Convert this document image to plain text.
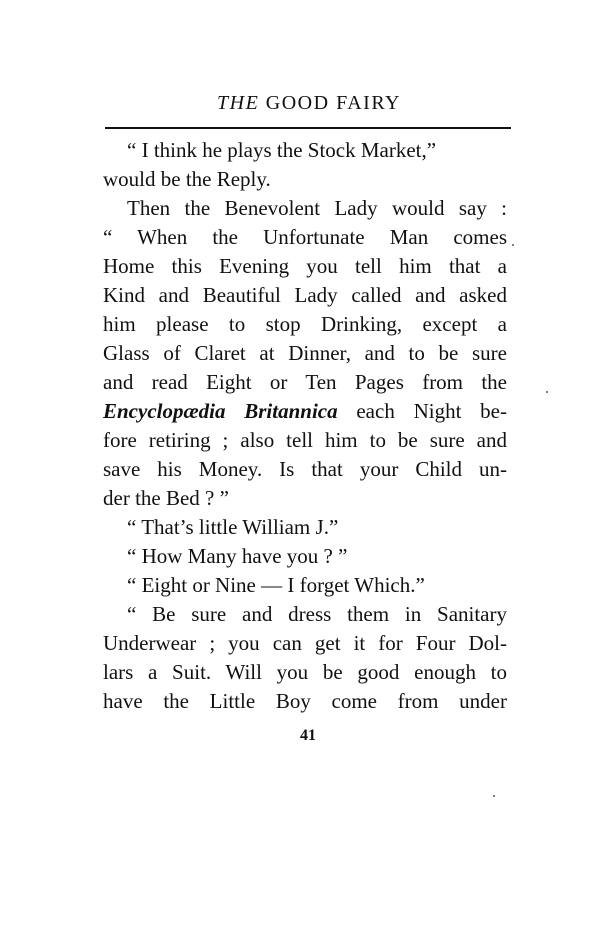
THE GOOD FAIRY
“ I think he plays the Stock Market,”
would be the Reply.
Then the Benevolent Lady would say :
“ When the Unfortunate Man comes
Home this Evening you tell him that a
Kind and Beautiful Lady called and asked
him please to stop Drinking, except a
Glass of Claret at Dinner, and to be sure
and read Eight or Ten Pages from the
Encyclopædia Britannica each Night be-
fore retiring ; also tell him to be sure and
save his Money. Is that your Child un-
der the Bed ? ”
“ That’s little William J.”
“ How Many have you ? ”
“ Eight or Nine — I forget Which.”
“ Be sure and dress them in Sanitary
Underwear ; you can get it for Four Dol-
lars a Suit. Will you be good enough to
have the Little Boy come from under
41
